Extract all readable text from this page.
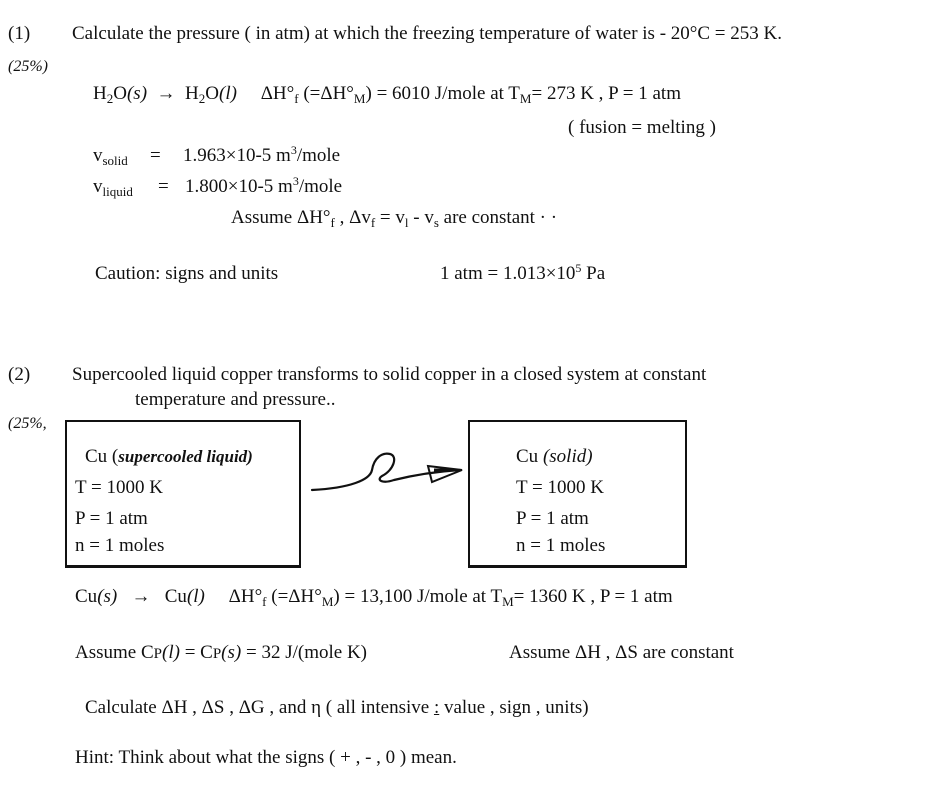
(1) Calculate the pressure ( in atm) at which the freezing temperature of water is - 20°C = 253 K.
(25%)
$H_2O(s) \to H_2O(l)$ $\Delta H^\circ_f$ $(=\Delta H^\circ_M) = 6010$ J/mole at $T_M= 273$ K , P = 1 atm
( fusion = melting )
$v_{solid} = 1.963\times 10-5$ $m^3$/mole
$v_{liquid} = 1.800\times 10-5$ $m^3$/mole
Assume $\Delta H^\circ_f$ , $\Delta v_f = v_l - v_s$ are constant · ·
Caution: signs and units	1 atm = $1.013\times 10^5$ Pa
(2) Supercooled liquid copper transforms to solid copper in a closed system at constant
temperature and pressure..
(25%,
Cu (supercooled liquid)
T = 1000 K
P = 1 atm
n = 1 moles
Cu (solid)
T = 1000 K
P = 1 atm
n = 1 moles
Cu(s) → Cu(l) $\Delta H^\circ_f$ $(=\Delta H^\circ_M) = 13,100$ J/mole at $T_M= 1360$ K , P = 1 atm
Assume CP(l) = CP(s) = 32 J/(mole K)	Assume ΔH , ΔS are constant
Calculate ΔH , ΔS , ΔG , and η ( all intensive : value , sign , units)
Hint: Think about what the signs ( + , - , 0 ) mean.
